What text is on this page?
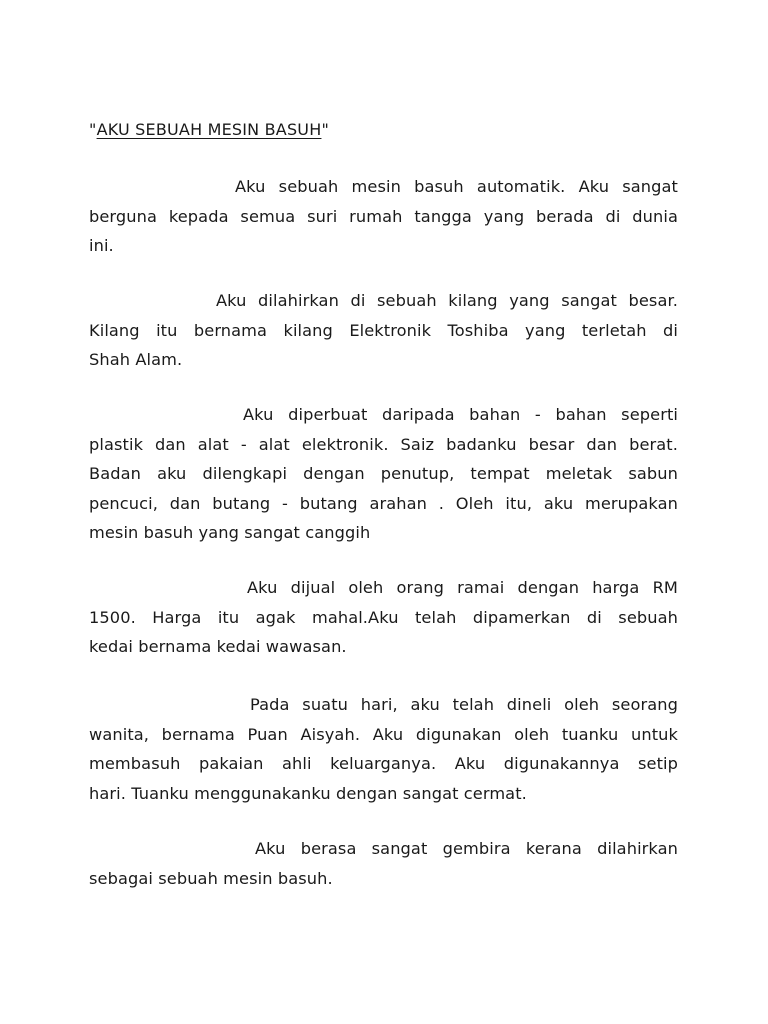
"AKU SEBUAH MESIN BASUH"

Aku sebuah mesin basuh automatik. Aku sangat
berguna kepada semua suri rumah tangga yang berada di dunia
ini.

Aku dilahirkan di sebuah kilang yang sangat besar.
Kilang itu bernama kilang Elektronik Toshiba yang terletah di
Shah Alam.

Aku diperbuat daripada bahan - bahan seperti
plastik dan alat - alat elektronik. Saiz badanku besar dan berat.
Badan aku dilengkapi dengan penutup, tempat meletak sabun
pencuci, dan butang - butang arahan . Oleh itu, aku merupakan
mesin basuh yang sangat canggih

Aku dijual oleh orang ramai dengan harga RM
1500. Harga itu agak mahal.Aku telah dipamerkan di sebuah
kedai bernama kedai wawasan.

Pada suatu hari, aku telah dineli oleh seorang
wanita, bernama Puan Aisyah. Aku digunakan oleh tuanku untuk
membasuh pakaian ahli keluarganya. Aku digunakannya setip
hari. Tuanku menggunakanku dengan sangat cermat.

Aku berasa sangat gembira kerana dilahirkan
sebagai sebuah mesin basuh.
